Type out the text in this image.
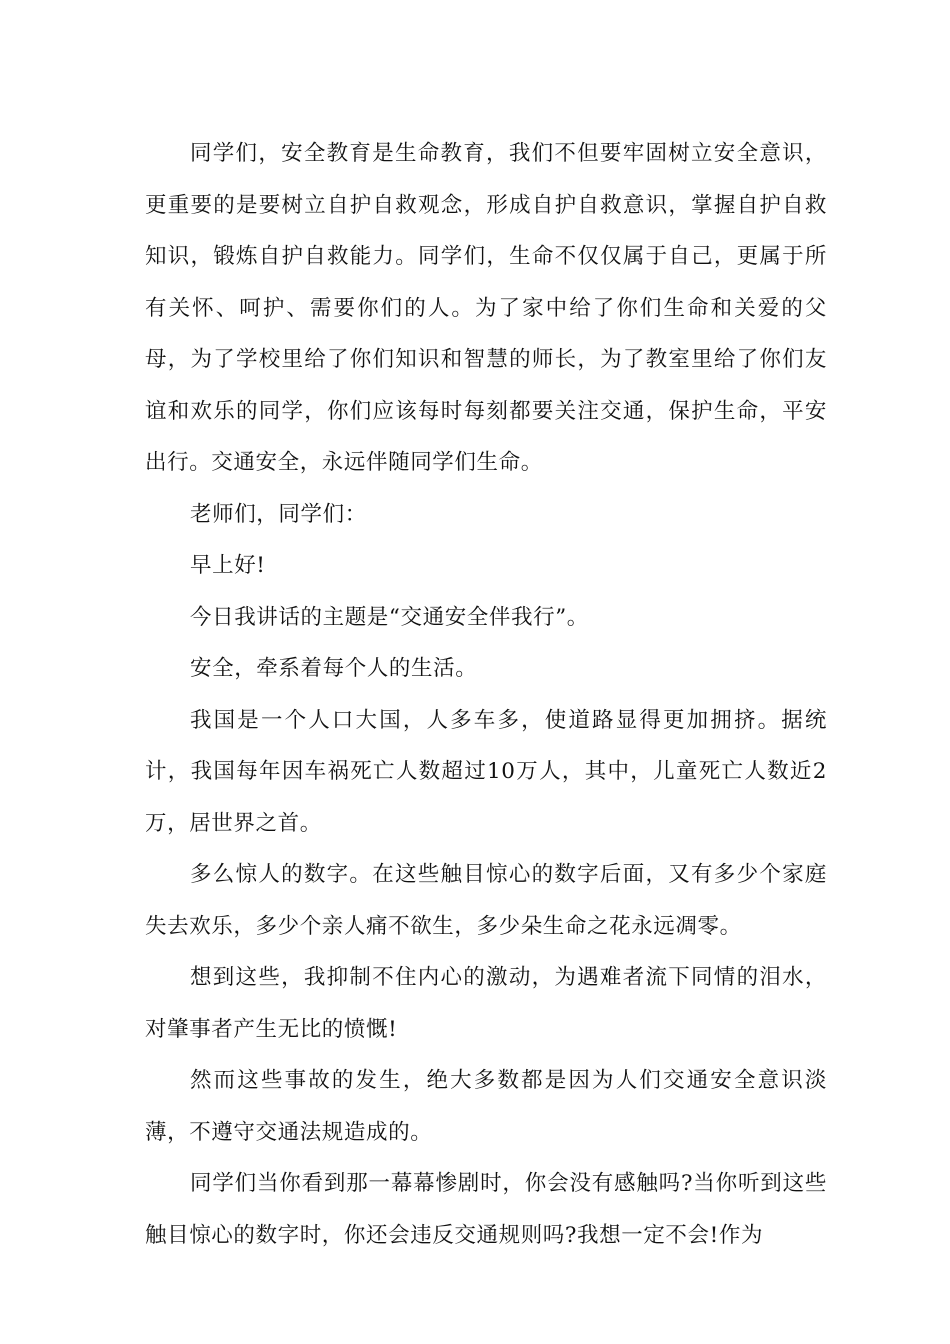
同学们，安全教育是生命教育，我们不但要牢固树立安全意识，更重要的是要树立自护自救观念，形成自护自救意识，掌握自护自救知识，锻炼自护自救能力。同学们，生命不仅仅属于自己，更属于所有关怀、呵护、需要你们的人。为了家中给了你们生命和关爱的父母，为了学校里给了你们知识和智慧的师长，为了教室里给了你们友谊和欢乐的同学，你们应该每时每刻都要关注交通，保护生命，平安出行。交通安全，永远伴随同学们生命。

老师们，同学们：

早上好!

今日我讲话的主题是“交通安全伴我行”。

安全，牵系着每个人的生活。

我国是一个人口大国，人多车多，使道路显得更加拥挤。据统计，我国每年因车祸死亡人数超过10万人，其中，儿童死亡人数近2万，居世界之首。

多么惊人的数字。在这些触目惊心的数字后面，又有多少个家庭失去欢乐，多少个亲人痛不欲生，多少朵生命之花永远凋零。

想到这些，我抑制不住内心的激动，为遇难者流下同情的泪水，对肇事者产生无比的愤慨!

然而这些事故的发生，绝大多数都是因为人们交通安全意识淡薄，不遵守交通法规造成的。

同学们当你看到那一幕幕惨剧时，你会没有感触吗?当你听到这些触目惊心的数字时，你还会违反交通规则吗?我想一定不会!作为
